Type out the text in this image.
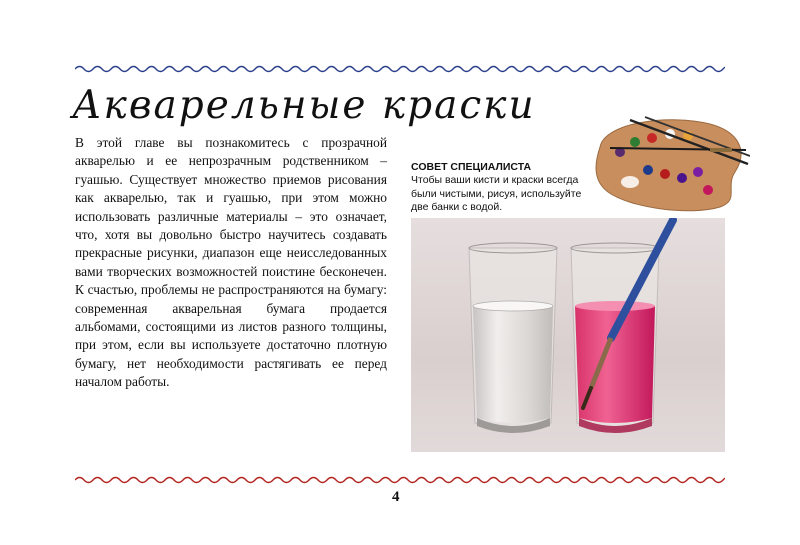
Акварельные краски

В этой главе вы познакомитесь с прозрачной акварелью и ее непрозрачным родственником – гуашью. Существует множество приемов рисования как акварелью, так и гуашью, при этом можно использовать различные материалы – это означает, что, хотя вы довольно быстро научитесь создавать прекрасные рисунки, диапазон еще неисследованных вами творческих возможностей поистине бесконечен. К счастью, проблемы не распространяются на бумагу: современная акварельная бумага продается альбомами, состоящими из листов разного толщины, при этом, если вы используете достаточно плотную бумагу, нет необходимости растягивать ее перед началом работы.

СОВЕТ СПЕЦИАЛИСТА
Чтобы ваши кисти и краски всегда были чистыми, рисуя, используйте две банки с водой.
4
